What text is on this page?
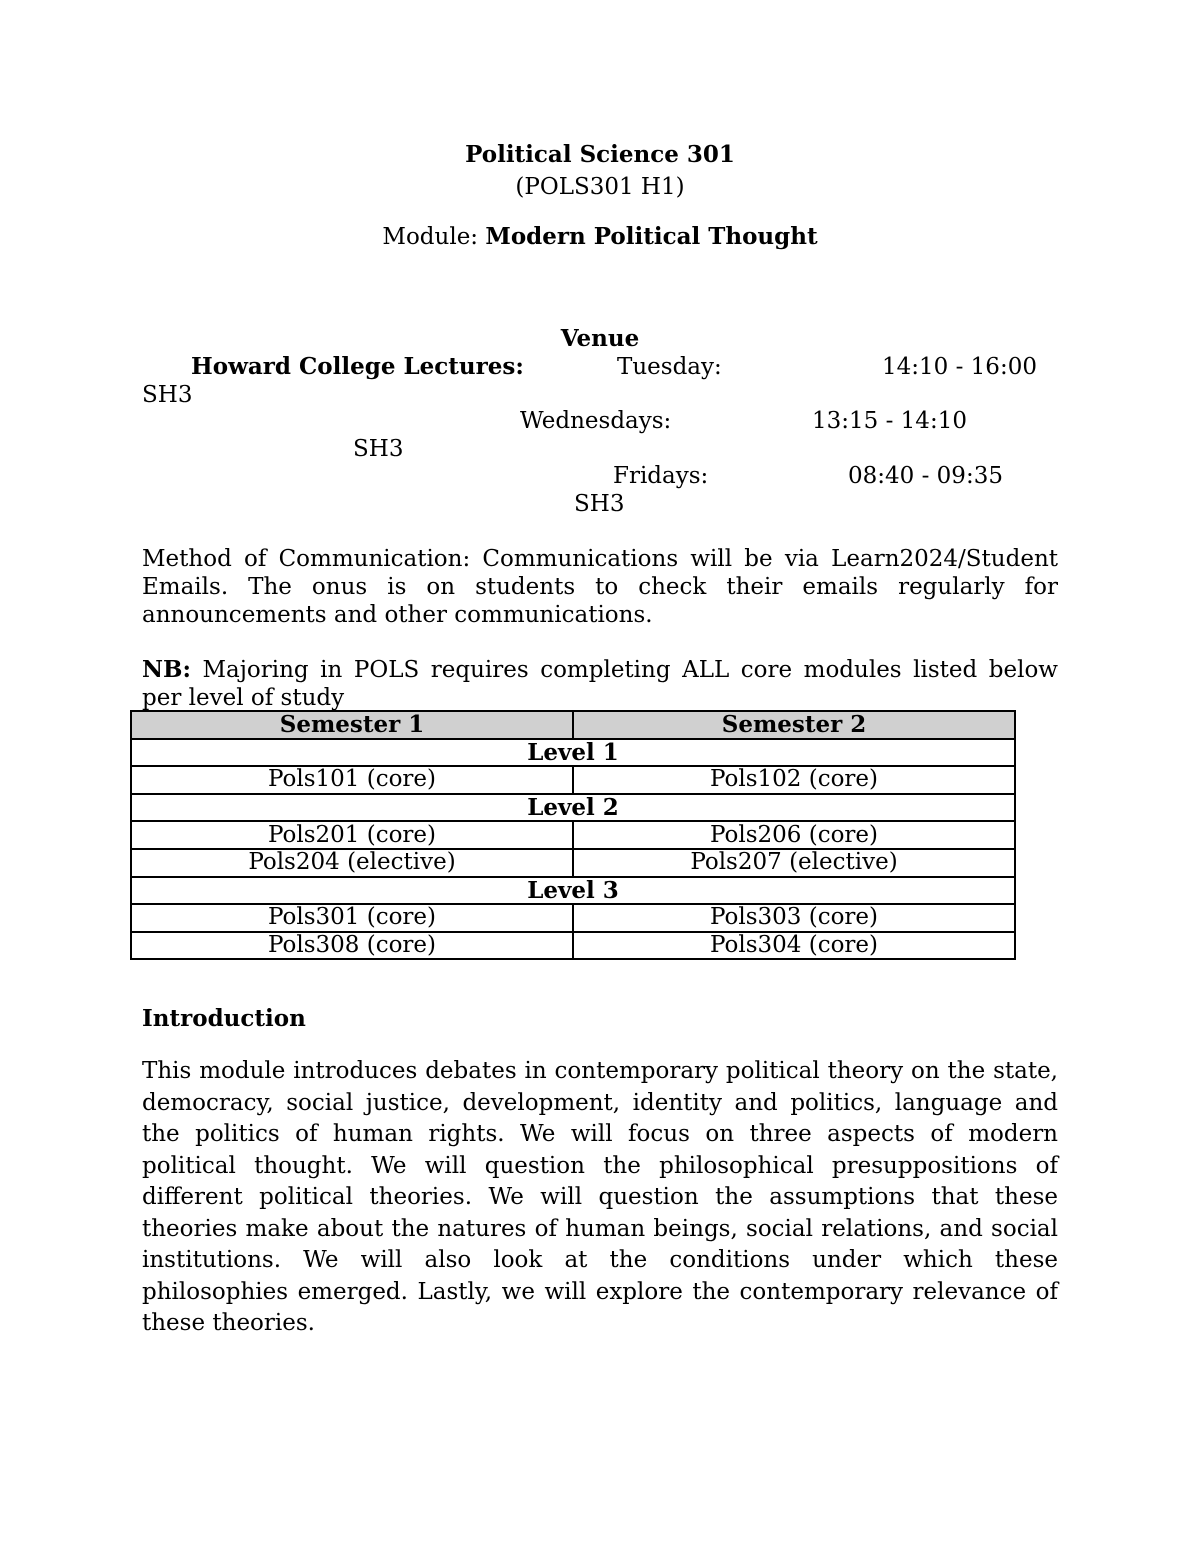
Political Science 301
(POLS301 H1)
Module: Modern Political Thought
Venue
Howard College Lectures:	Tuesday:	14:10 - 16:00
SH3
Wednesdays:	13:15 - 14:10
SH3
Fridays:	08:40 - 09:35
SH3
Method of Communication: Communications will be via Learn2024/Student Emails. The onus is on students to check their emails regularly for announcements and other communications.
NB: Majoring in POLS requires completing ALL core modules listed below per level of study
Semester 1	Semester 2
Level 1	
Pols101 (core)	Pols102 (core)
Level 2	
Pols201 (core)	Pols206 (core)
Pols204 (elective)	Pols207 (elective)
Level 3	
Pols301 (core)	Pols303 (core)
Pols308 (core)	Pols304 (core)
Introduction
This module introduces debates in contemporary political theory on the state, democracy, social justice, development, identity and politics, language and the politics of human rights. We will focus on three aspects of modern political thought. We will question the philosophical presuppositions of different political theories. We will question the assumptions that these theories make about the natures of human beings, social relations, and social institutions. We will also look at the conditions under which these philosophies emerged. Lastly, we will explore the contemporary relevance of these theories.
